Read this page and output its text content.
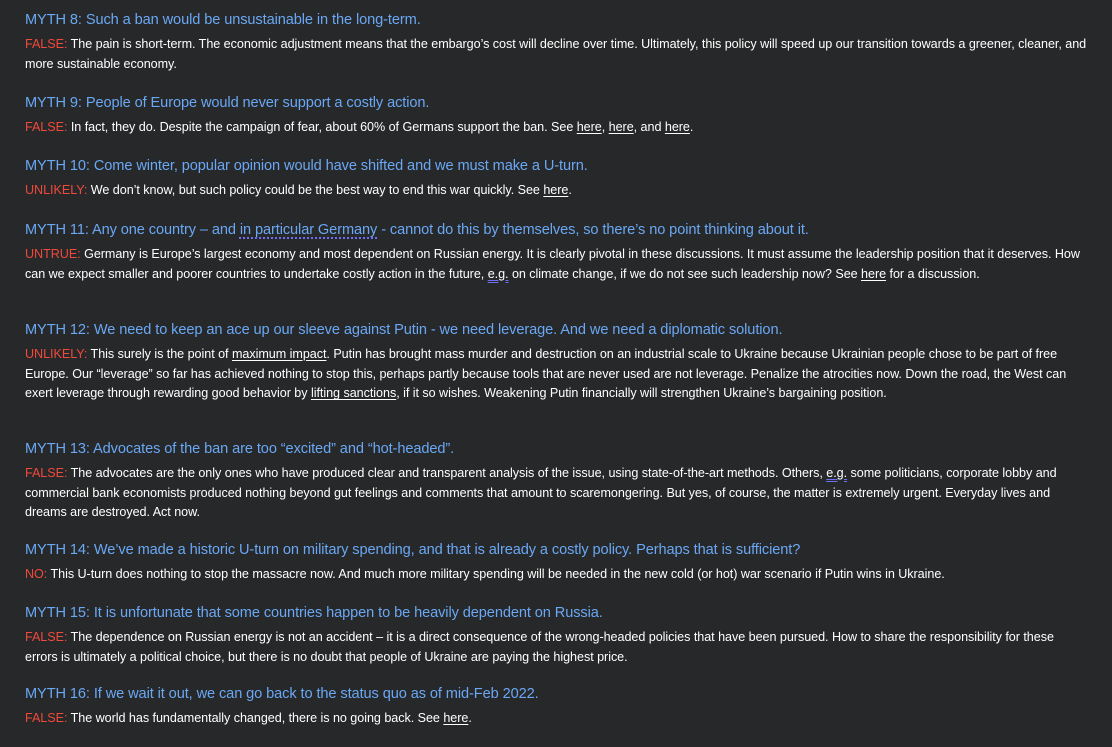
MYTH 8: Such a ban would be unsustainable in the long-term.

FALSE: The pain is short-term. The economic adjustment means that the embargo’s cost will decline over time. Ultimately, this policy will speed up our transition towards a greener, cleaner, and more sustainable economy.

MYTH 9: People of Europe would never support a costly action.

FALSE: In fact, they do. Despite the campaign of fear, about 60% of Germans support the ban. See here, here, and here.

MYTH 10: Come winter, popular opinion would have shifted and we must make a U-turn.

UNLIKELY: We don’t know, but such policy could be the best way to end this war quickly. See here.

MYTH 11: Any one country – and in particular Germany - cannot do this by themselves, so there’s no point thinking about it.

UNTRUE: Germany is Europe’s largest economy and most dependent on Russian energy. It is clearly pivotal in these discussions. It must assume the leadership position that it deserves. How can we expect smaller and poorer countries to undertake costly action in the future, e.g. on climate change, if we do not see such leadership now? See here for a discussion.

MYTH 12: We need to keep an ace up our sleeve against Putin - we need leverage. And we need a diplomatic solution.

UNLIKELY: This surely is the point of maximum impact. Putin has brought mass murder and destruction on an industrial scale to Ukraine because Ukrainian people chose to be part of free Europe. Our “leverage” so far has achieved nothing to stop this, perhaps partly because tools that are never used are not leverage. Penalize the atrocities now. Down the road, the West can exert leverage through rewarding good behavior by lifting sanctions, if it so wishes. Weakening Putin financially will strengthen Ukraine’s bargaining position.

MYTH 13: Advocates of the ban are too “excited” and “hot-headed”.

FALSE: The advocates are the only ones who have produced clear and transparent analysis of the issue, using state-of-the-art methods. Others, e.g. some politicians, corporate lobby and commercial bank economists produced nothing beyond gut feelings and comments that amount to scaremongering. But yes, of course, the matter is extremely urgent. Everyday lives and dreams are destroyed. Act now.

MYTH 14: We’ve made a historic U-turn on military spending, and that is already a costly policy. Perhaps that is sufficient?

NO: This U-turn does nothing to stop the massacre now. And much more military spending will be needed in the new cold (or hot) war scenario if Putin wins in Ukraine.

MYTH 15: It is unfortunate that some countries happen to be heavily dependent on Russia.

FALSE: The dependence on Russian energy is not an accident – it is a direct consequence of the wrong-headed policies that have been pursued. How to share the responsibility for these errors is ultimately a political choice, but there is no doubt that people of Ukraine are paying the highest price.

MYTH 16: If we wait it out, we can go back to the status quo as of mid-Feb 2022.

FALSE: The world has fundamentally changed, there is no going back. See here.
